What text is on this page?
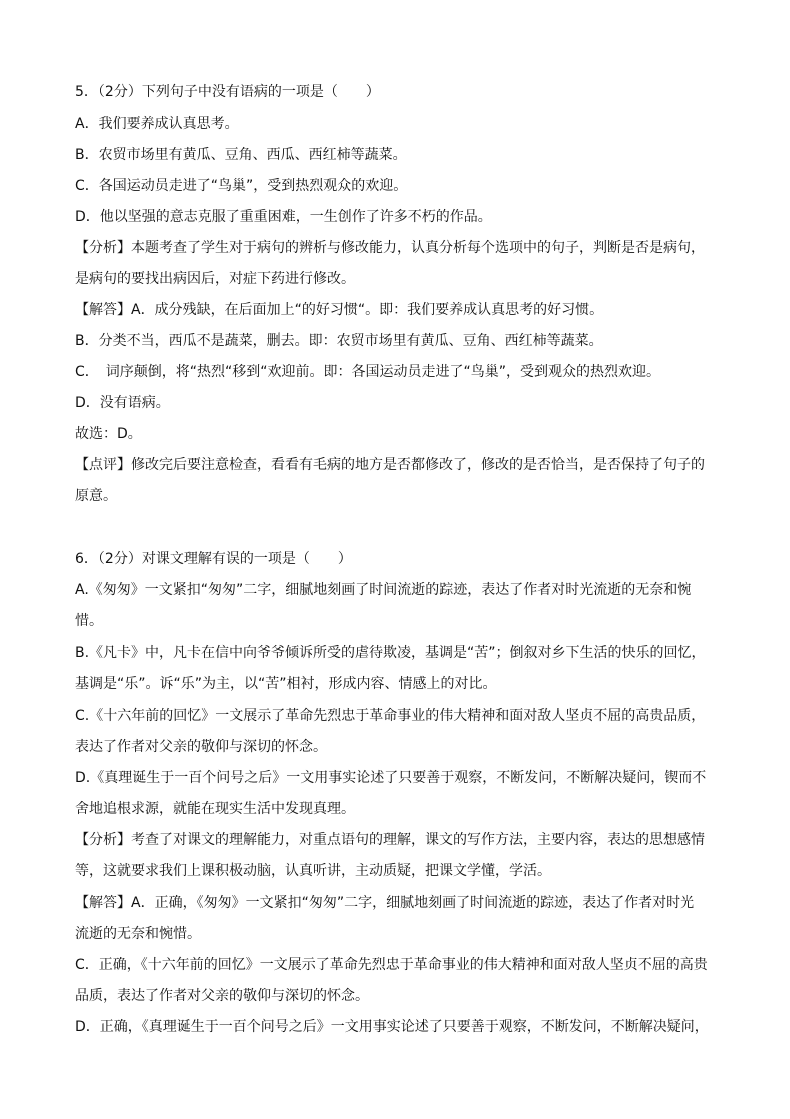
5．（2分）下列句子中没有语病的一项是（　　）
A．我们要养成认真思考。
B．农贸市场里有黄瓜、豆角、西瓜、西红柿等蔬菜。
C．各国运动员走进了“鸟巢”，受到热烈观众的欢迎。
D．他以坚强的意志克服了重重困难，一生创作了许多不朽的作品。
【分析】本题考查了学生对于病句的辨析与修改能力，认真分析每个选项中的句子，判断是否是病句，
是病句的要找出病因后，对症下药进行修改。
【解答】A．成分残缺，在后面加上“的好习惯“。即：我们要养成认真思考的好习惯。
B．分类不当，西瓜不是蔬菜，删去。即：农贸市场里有黄瓜、豆角、西红柿等蔬菜。
C．　词序颠倒，将“热烈“移到“欢迎前。即：各国运动员走进了“鸟巢”，受到观众的热烈欢迎。
D．没有语病。
故选：D。
【点评】修改完后要注意检查，看看有毛病的地方是否都修改了，修改的是否恰当，是否保持了句子的
原意。
6．（2分）对课文理解有误的一项是（　　）
A.《匆匆》一文紧扣“匆匆”二字，细腻地刻画了时间流逝的踪迹，表达了作者对时光流逝的无奈和惋
惜。
B.《凡卡》中，凡卡在信中向爷爷倾诉所受的虐待欺凌，基调是“苦”；倒叙对乡下生活的快乐的回忆，
基调是“乐”。诉“乐”为主，以“苦”相衬，形成内容、情感上的对比。
C.《十六年前的回忆》一文展示了革命先烈忠于革命事业的伟大精神和面对敌人坚贞不屈的高贵品质，
表达了作者对父亲的敬仰与深切的怀念。
D.《真理诞生于一百个问号之后》一文用事实论述了只要善于观察，不断发问，不断解决疑问，锲而不
舍地追根求源，就能在现实生活中发现真理。
【分析】考查了对课文的理解能力，对重点语句的理解，课文的写作方法，主要内容，表达的思想感情
等，这就要求我们上课积极动脑，认真听讲，主动质疑，把课文学懂，学活。
【解答】A．正确，《匆匆》一文紧扣“匆匆”二字，细腻地刻画了时间流逝的踪迹，表达了作者对时光
流逝的无奈和惋惜。
C．正确，《十六年前的回忆》一文展示了革命先烈忠于革命事业的伟大精神和面对敌人坚贞不屈的高贵
品质，表达了作者对父亲的敬仰与深切的怀念。
D．正确，《真理诞生于一百个问号之后》一文用事实论述了只要善于观察，不断发问，不断解决疑问，
